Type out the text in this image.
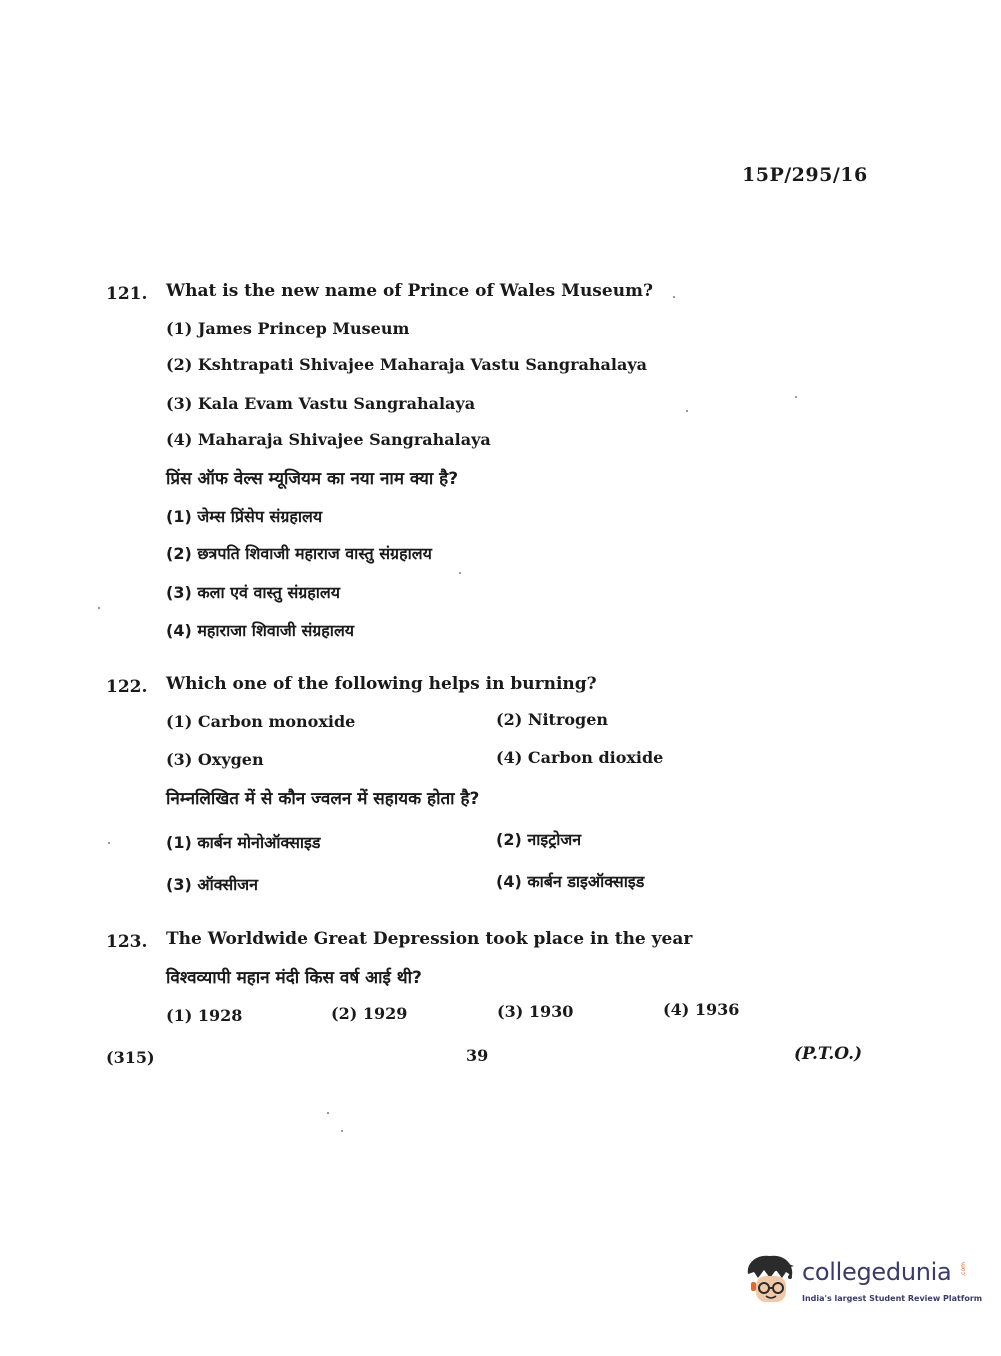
15P/295/16
121. What is the new name of Prince of Wales Museum?
(1) James Princep Museum
(2) Kshtrapati Shivajee Maharaja Vastu Sangrahalaya
(3) Kala Evam Vastu Sangrahalaya
(4) Maharaja Shivajee Sangrahalaya
प्रिंस ऑफ वेल्स म्यूजियम का नया नाम क्या है?
(1) जेम्स प्रिंसेप संग्रहालय
(2) छत्रपति शिवाजी महाराज वास्तु संग्रहालय
(3) कला एवं वास्तु संग्रहालय
(4) महाराजा शिवाजी संग्रहालय
122. Which one of the following helps in burning?
(1) Carbon monoxide	(2) Nitrogen
(3) Oxygen	(4) Carbon dioxide
निम्नलिखित में से कौन ज्वलन में सहायक होता है?
(1) कार्बन मोनोऑक्साइड	(2) नाइट्रोजन
(3) ऑक्सीजन	(4) कार्बन डाइऑक्साइड
123. The Worldwide Great Depression took place in the year
विश्वव्यापी महान मंदी किस वर्ष आई थी?
(1) 1928	(2) 1929	(3) 1930	(4) 1936
(315)	39	(P.T.O.)
collegedunia .com
India's largest Student Review Platform
